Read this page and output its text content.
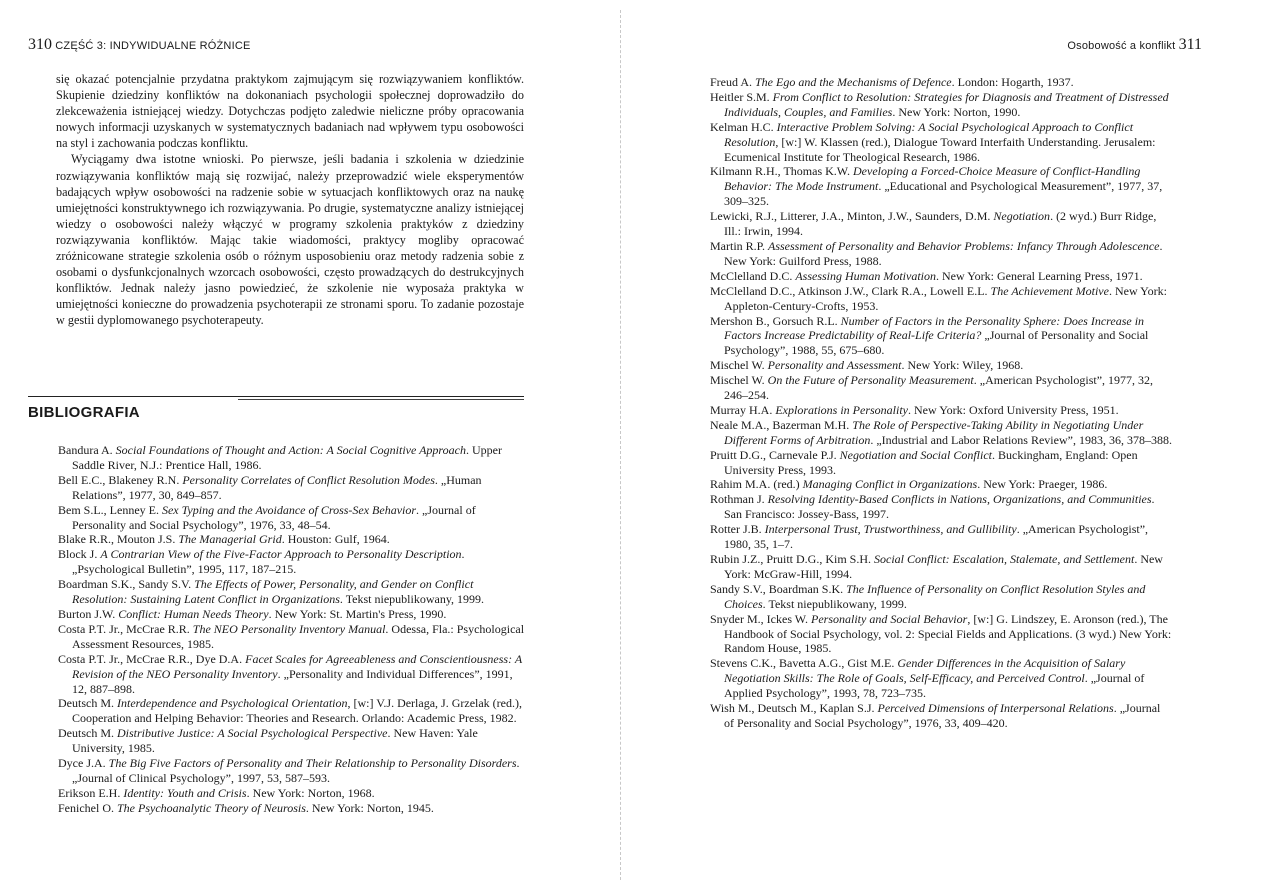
310 CZĘŚĆ 3: INDYWIDUALNE RÓŻNICE

się okazać potencjalnie przydatna praktykom zajmującym się rozwiązywaniem konfliktów. Skupienie dziedziny konfliktów na dokonaniach psychologii społecznej doprowadziło do zlekceważenia istniejącej wiedzy. Dotychczas podjęto zaledwie nieliczne próby opracowania nowych informacji uzyskanych w systematycznych badaniach nad wpływem typu osobowości na styl i zachowania podczas konfliktu.

Wyciągamy dwa istotne wnioski. Po pierwsze, jeśli badania i szkolenia w dziedzinie rozwiązywania konfliktów mają się rozwijać, należy przeprowadzić wiele eksperymentów badających wpływ osobowości na radzenie sobie w sytuacjach konfliktowych oraz na naukę umiejętności konstruktywnego ich rozwiązywania. Po drugie, systematyczne analizy istniejącej wiedzy o osobowości należy włączyć w programy szkolenia praktyków z dziedziny rozwiązywania konfliktów. Mając takie wiadomości, praktycy mogliby opracować zróżnicowane strategie szkolenia osób o różnym usposobieniu oraz metody radzenia sobie z osobami o dysfunkcjonalnych wzorcach osobowości, często prowadzących do destrukcyjnych konfliktów. Jednak należy jasno powiedzieć, że szkolenie nie wyposaża praktyka w umiejętności konieczne do prowadzenia psychoterapii ze stronami sporu. To zadanie pozostaje w gestii dyplomowanego psychoterapeuty.

BIBLIOGRAFIA
Bandura A. Social Foundations of Thought and Action: A Social Cognitive Approach. Upper Saddle River, N.J.: Prentice Hall, 1986.
Bell E.C., Blakeney R.N. Personality Correlates of Conflict Resolution Modes. „Human Relations”, 1977, 30, 849–857.
Bem S.L., Lenney E. Sex Typing and the Avoidance of Cross-Sex Behavior. „Journal of Personality and Social Psychology”, 1976, 33, 48–54.
Blake R.R., Mouton J.S. The Managerial Grid. Houston: Gulf, 1964.
Block J. A Contrarian View of the Five-Factor Approach to Personality Description. „Psychological Bulletin”, 1995, 117, 187–215.
Boardman S.K., Sandy S.V. The Effects of Power, Personality, and Gender on Conflict Resolution: Sustaining Latent Conflict in Organizations. Tekst niepublikowany, 1999.
Burton J.W. Conflict: Human Needs Theory. New York: St. Martin's Press, 1990.
Costa P.T. Jr., McCrae R.R. The NEO Personality Inventory Manual. Odessa, Fla.: Psychological Assessment Resources, 1985.
Costa P.T. Jr., McCrae R.R., Dye D.A. Facet Scales for Agreeableness and Conscientiousness: A Revision of the NEO Personality Inventory. „Personality and Individual Differences”, 1991, 12, 887–898.
Deutsch M. Interdependence and Psychological Orientation, [w:] V.J. Derlaga, J. Grzelak (red.), Cooperation and Helping Behavior: Theories and Research. Orlando: Academic Press, 1982.
Deutsch M. Distributive Justice: A Social Psychological Perspective. New Haven: Yale University, 1985.
Dyce J.A. The Big Five Factors of Personality and Their Relationship to Personality Disorders. „Journal of Clinical Psychology”, 1997, 53, 587–593.
Erikson E.H. Identity: Youth and Crisis. New York: Norton, 1968.
Fenichel O. The Psychoanalytic Theory of Neurosis. New York: Norton, 1945.
Osobowość a konflikt 311
Freud A. The Ego and the Mechanisms of Defence. London: Hogarth, 1937.
Heitler S.M. From Conflict to Resolution: Strategies for Diagnosis and Treatment of Distressed Individuals, Couples, and Families. New York: Norton, 1990.
Kelman H.C. Interactive Problem Solving: A Social Psychological Approach to Conflict Resolution, [w:] W. Klassen (red.), Dialogue Toward Interfaith Understanding. Jerusalem: Ecumenical Institute for Theological Research, 1986.
Kilmann R.H., Thomas K.W. Developing a Forced-Choice Measure of Conflict-Handling Behavior: The Mode Instrument. „Educational and Psychological Measurement”, 1977, 37, 309–325.
Lewicki, R.J., Litterer, J.A., Minton, J.W., Saunders, D.M. Negotiation. (2 wyd.) Burr Ridge, Ill.: Irwin, 1994.
Martin R.P. Assessment of Personality and Behavior Problems: Infancy Through Adolescence. New York: Guilford Press, 1988.
McClelland D.C. Assessing Human Motivation. New York: General Learning Press, 1971.
McClelland D.C., Atkinson J.W., Clark R.A., Lowell E.L. The Achievement Motive. New York: Appleton-Century-Crofts, 1953.
Mershon B., Gorsuch R.L. Number of Factors in the Personality Sphere: Does Increase in Factors Increase Predictability of Real-Life Criteria? „Journal of Personality and Social Psychology”, 1988, 55, 675–680.
Mischel W. Personality and Assessment. New York: Wiley, 1968.
Mischel W. On the Future of Personality Measurement. „American Psychologist”, 1977, 32, 246–254.
Murray H.A. Explorations in Personality. New York: Oxford University Press, 1951.
Neale M.A., Bazerman M.H. The Role of Perspective-Taking Ability in Negotiating Under Different Forms of Arbitration. „Industrial and Labor Relations Review”, 1983, 36, 378–388.
Pruitt D.G., Carnevale P.J. Negotiation and Social Conflict. Buckingham, England: Open University Press, 1993.
Rahim M.A. (red.) Managing Conflict in Organizations. New York: Praeger, 1986.
Rothman J. Resolving Identity-Based Conflicts in Nations, Organizations, and Communities. San Francisco: Jossey-Bass, 1997.
Rotter J.B. Interpersonal Trust, Trustworthiness, and Gullibility. „American Psychologist”, 1980, 35, 1–7.
Rubin J.Z., Pruitt D.G., Kim S.H. Social Conflict: Escalation, Stalemate, and Settlement. New York: McGraw-Hill, 1994.
Sandy S.V., Boardman S.K. The Influence of Personality on Conflict Resolution Styles and Choices. Tekst niepublikowany, 1999.
Snyder M., Ickes W. Personality and Social Behavior, [w:] G. Lindszey, E. Aronson (red.), The Handbook of Social Psychology, vol. 2: Special Fields and Applications. (3 wyd.) New York: Random House, 1985.
Stevens C.K., Bavetta A.G., Gist M.E. Gender Differences in the Acquisition of Salary Negotiation Skills: The Role of Goals, Self-Efficacy, and Perceived Control. „Journal of Applied Psychology”, 1993, 78, 723–735.
Wish M., Deutsch M., Kaplan S.J. Perceived Dimensions of Interpersonal Relations. „Journal of Personality and Social Psychology”, 1976, 33, 409–420.
